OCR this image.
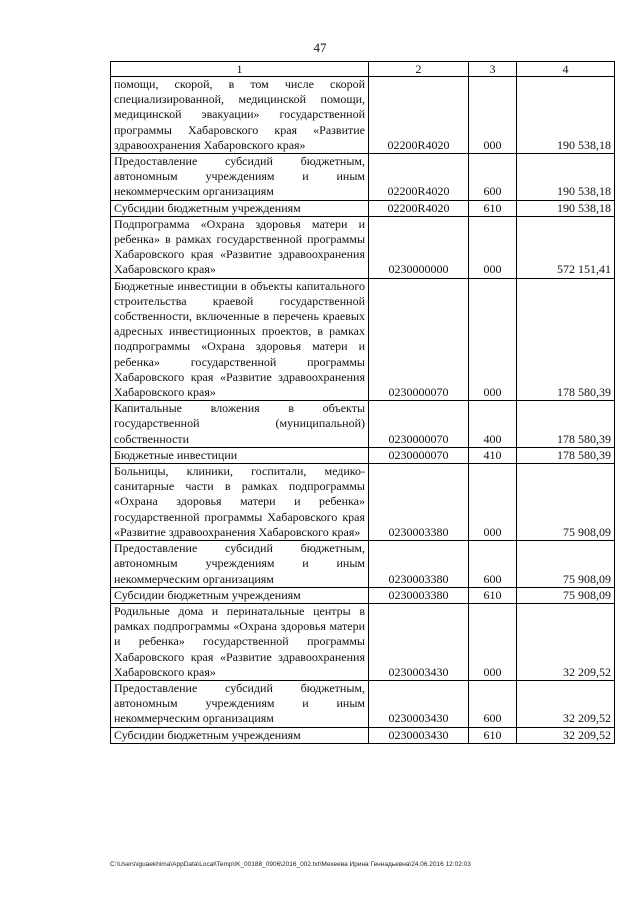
47
1	2	3	4
помощи, скорой, в том числе скорой специализированной, медицинской помощи, медицинской эвакуации» государственной программы Хабаровского края «Развитие здравоохранения Хабаровского края»	02200R4020	000	190 538,18
Предоставление субсидий бюджетным, автономным учреждениям и иным некоммерческим организациям	02200R4020	600	190 538,18
Субсидии бюджетным учреждениям	02200R4020	610	190 538,18
Подпрограмма «Охрана здоровья матери и ребенка» в рамках государственной программы Хабаровского края «Развитие здравоохранения Хабаровского края»	0230000000	000	572 151,41
Бюджетные инвестиции в объекты капитального строительства краевой государственной собственности, включенные в перечень краевых адресных инвестиционных проектов, в рамках подпрограммы «Охрана здоровья матери и ребенка» государственной программы Хабаровского края «Развитие здравоохранения Хабаровского края»	0230000070	000	178 580,39
Капитальные вложения в объекты государственной (муниципальной) собственности	0230000070	400	178 580,39
Бюджетные инвестиции	0230000070	410	178 580,39
Больницы, клиники, госпитали, медико-санитарные части в рамках подпрограммы «Охрана здоровья матери и ребенка» государственной программы Хабаровского края «Развитие здравоохранения Хабаровского края»	0230003380	000	75 908,09
Предоставление субсидий бюджетным, автономным учреждениям и иным некоммерческим организациям	0230003380	600	75 908,09
Субсидии бюджетным учреждениям	0230003380	610	75 908,09
Родильные дома и перинатальные центры в рамках подпрограммы «Охрана здоровья матери и ребенка» государственной программы Хабаровского края «Развитие здравоохранения Хабаровского края»	0230003430	000	32 209,52
Предоставление субсидий бюджетным, автономным учреждениям и иным некоммерческим организациям	0230003430	600	32 209,52
Субсидии бюджетным учреждениям	0230003430	610	32 209,52
C:\Users\iguaekhima\AppData\Local\Temp\IK_00188_0906\2016_002.txt\Мехеева Ирина Геннадьевна\24.06.2016 12:02:03
